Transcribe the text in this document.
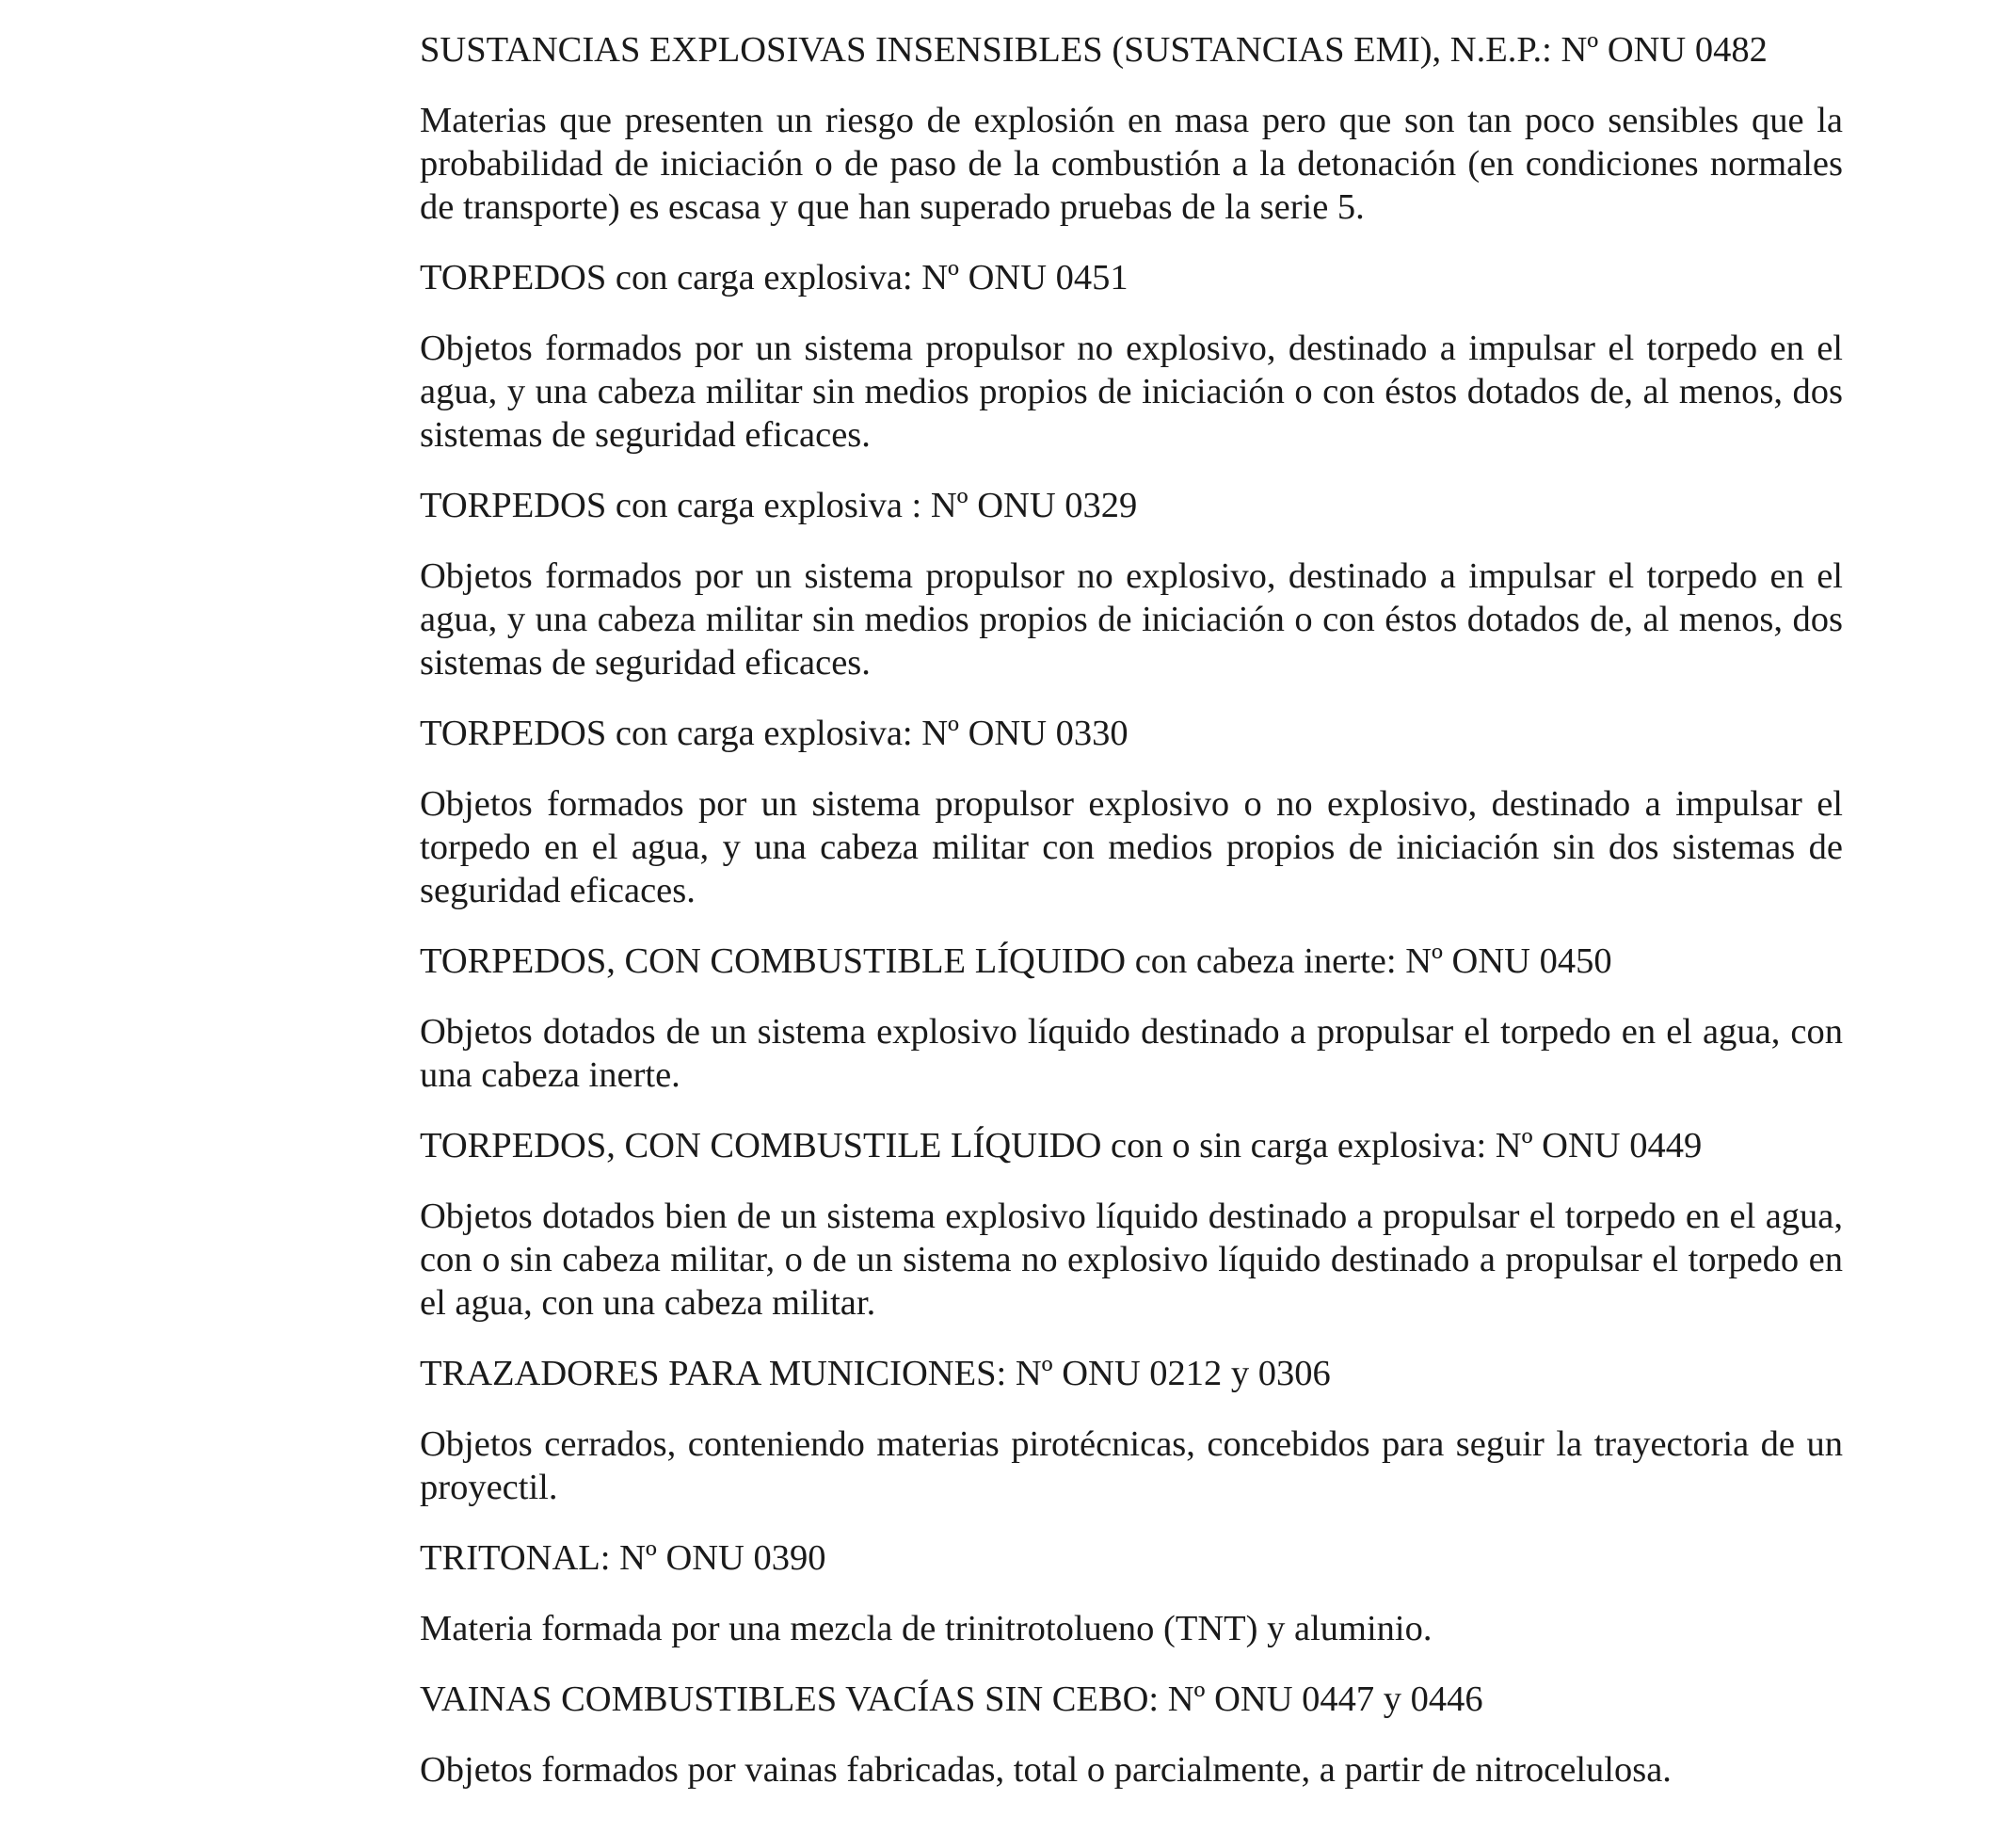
SUSTANCIAS EXPLOSIVAS INSENSIBLES (SUSTANCIAS EMI), N.E.P.: Nº ONU 0482

Materias que presenten un riesgo de explosión en masa pero que son tan poco sensibles que la probabilidad de iniciación o de paso de la combustión a la detonación (en condiciones normales de transporte) es escasa y que han superado pruebas de la serie 5.

TORPEDOS con carga explosiva: Nº ONU 0451

Objetos formados por un sistema propulsor no explosivo, destinado a impulsar el torpedo en el agua, y una cabeza militar sin medios propios de iniciación o con éstos dotados de, al menos, dos sistemas de seguridad eficaces.

TORPEDOS con carga explosiva : Nº ONU 0329

Objetos formados por un sistema propulsor no explosivo, destinado a impulsar el torpedo en el agua, y una cabeza militar sin medios propios de iniciación o con éstos dotados de, al menos, dos sistemas de seguridad eficaces.

TORPEDOS con carga explosiva: Nº ONU 0330

Objetos formados por un sistema propulsor explosivo o no explosivo, destinado a impulsar el torpedo en el agua, y una cabeza militar con medios propios de iniciación sin dos sistemas de seguridad eficaces.

TORPEDOS, CON COMBUSTIBLE LÍQUIDO con cabeza inerte: Nº ONU 0450

Objetos dotados de un sistema explosivo líquido destinado a propulsar el torpedo en el agua, con una cabeza inerte.

TORPEDOS, CON COMBUSTILE LÍQUIDO con o sin carga explosiva: Nº ONU 0449

Objetos dotados bien de un sistema explosivo líquido destinado a propulsar el torpedo en el agua, con o sin cabeza militar, o de un sistema no explosivo líquido destinado a propulsar el torpedo en el agua, con una cabeza militar.

TRAZADORES PARA MUNICIONES: Nº ONU 0212 y 0306

Objetos cerrados, conteniendo materias pirotécnicas, concebidos para seguir la trayectoria de un proyectil.

TRITONAL: Nº ONU 0390

Materia formada por una mezcla de trinitrotolueno (TNT) y aluminio.

VAINAS COMBUSTIBLES VACÍAS SIN CEBO: Nº ONU 0447 y 0446

Objetos formados por vainas fabricadas, total o parcialmente, a partir de nitrocelulosa.
